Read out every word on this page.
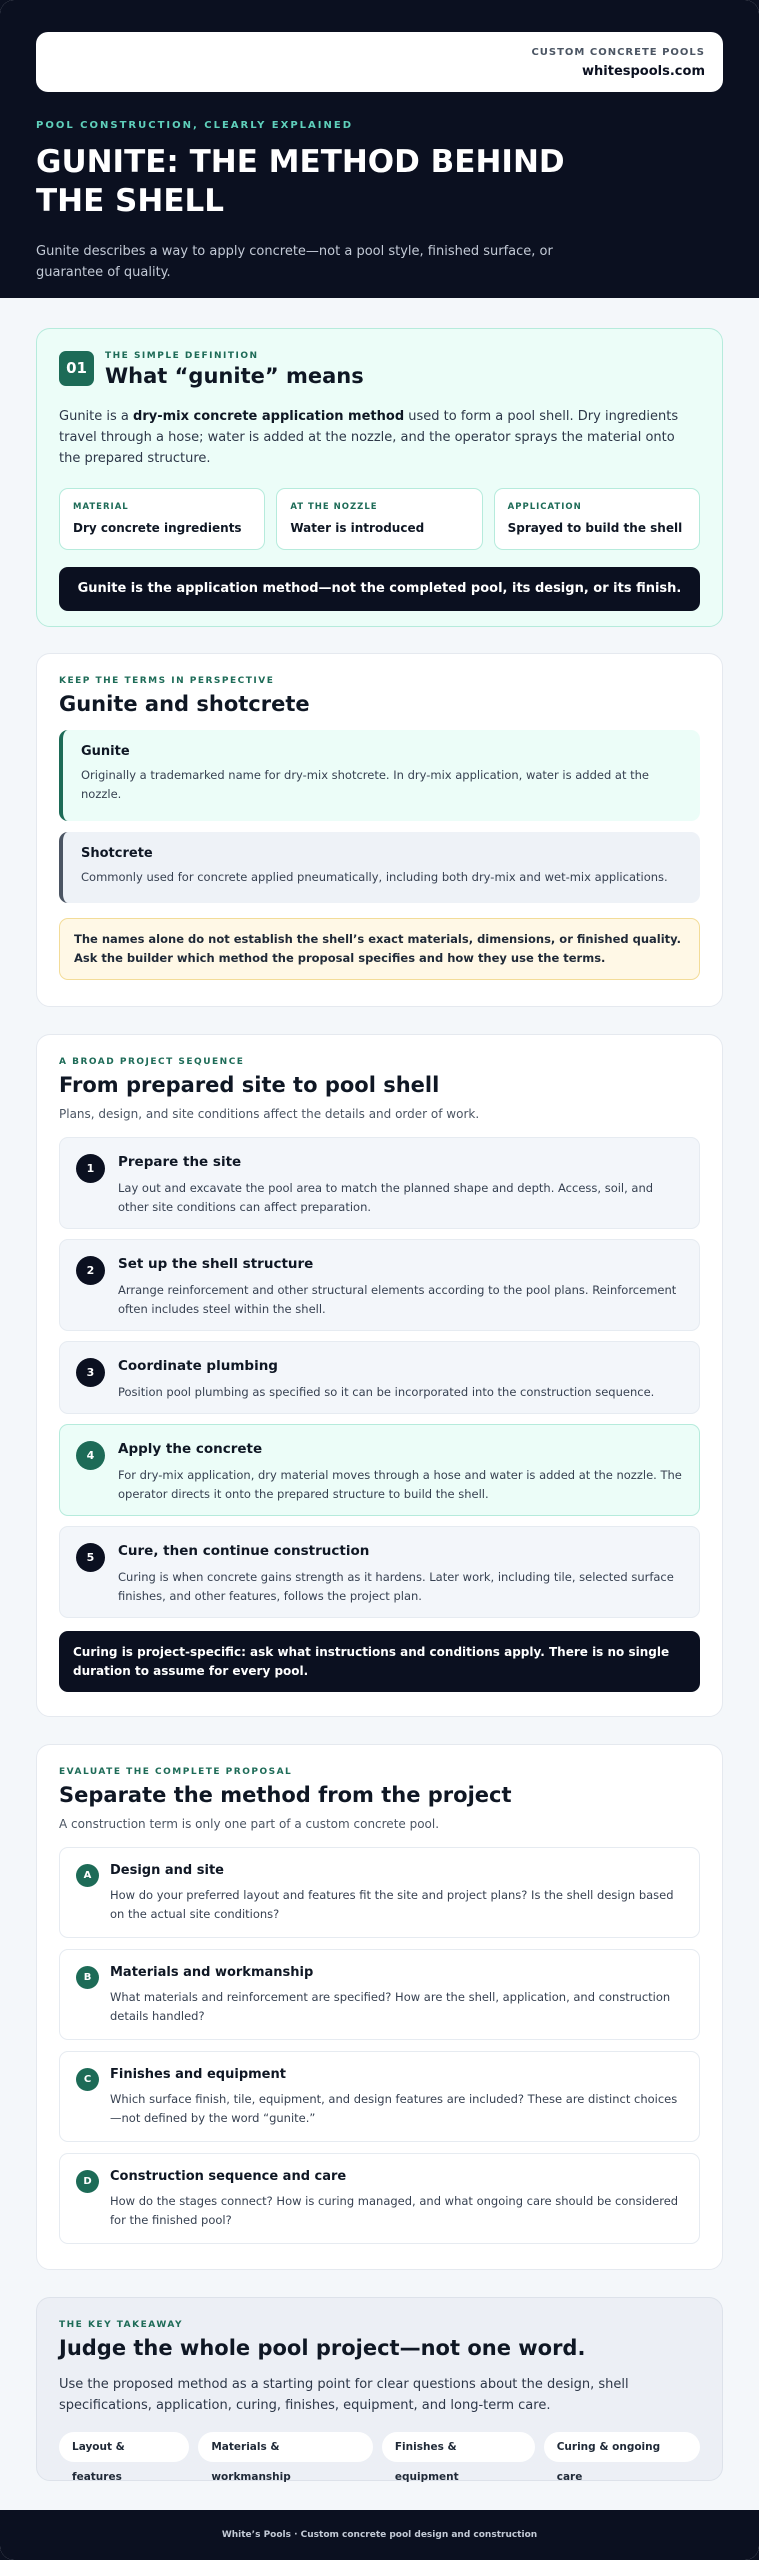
CUSTOM CONCRETE POOLS
whitespools.com
POOL CONSTRUCTION, CLEARLY EXPLAINED
GUNITE: THE METHOD BEHIND THE SHELL

Gunite describes a way to apply concrete—not a pool style, finished surface, or guarantee of quality.

01
THE SIMPLE DEFINITION
What “gunite” means

Gunite is a dry-mix concrete application method used to form a pool shell. Dry ingredients travel through a hose; water is added at the nozzle, and the operator sprays the material onto the prepared structure.

MATERIAL
Dry concrete ingredients
AT THE NOZZLE
Water is introduced
APPLICATION
Sprayed to build the shell
Gunite is the application method—not the completed pool, its design, or its finish.
KEEP THE TERMS IN PERSPECTIVE
Gunite and shotcrete
Gunite
Originally a trademarked name for dry-mix shotcrete. In dry-mix application, water is added at the nozzle.
Shotcrete
Commonly used for concrete applied pneumatically, including both dry-mix and wet-mix applications.
The names alone do not establish the shell’s exact materials, dimensions, or finished quality. Ask the builder which method the proposal specifies and how they use the terms.
A BROAD PROJECT SEQUENCE
From prepared site to pool shell

Plans, design, and site conditions affect the details and order of work.

1	Prepare the site
Lay out and excavate the pool area to match the planned shape and depth. Access, soil, and other site conditions can affect preparation.
2	Set up the shell structure
Arrange reinforcement and other structural elements according to the pool plans. Reinforcement often includes steel within the shell.
3	Coordinate plumbing
Position pool plumbing as specified so it can be incorporated into the construction sequence.
4	Apply the concrete
For dry-mix application, dry material moves through a hose and water is added at the nozzle. The operator directs it onto the prepared structure to build the shell.
5	Cure, then continue construction
Curing is when concrete gains strength as it hardens. Later work, including tile, selected surface finishes, and other features, follows the project plan.
Curing is project-specific: ask what instructions and conditions apply. There is no single duration to assume for every pool.
EVALUATE THE COMPLETE PROPOSAL
Separate the method from the project

A construction term is only one part of a custom concrete pool.

A	Design and site
How do your preferred layout and features fit the site and project plans? Is the shell design based on the actual site conditions?
B	Materials and workmanship
What materials and reinforcement are specified? How are the shell, application, and construction details handled?
C	Finishes and equipment
Which surface finish, tile, equipment, and design features are included? These are distinct choices—not defined by the word “gunite.”
D	Construction sequence and care
How do the stages connect? How is curing managed, and what ongoing care should be considered for the finished pool?
THE KEY TAKEAWAY
Judge the whole pool project—not one word.

Use the proposed method as a starting point for clear questions about the design, shell specifications, application, curing, finishes, equipment, and long-term care.

Layout & features
Materials & workmanship
Finishes & equipment
Curing & ongoing care
White’s Pools · Custom concrete pool design and construction
